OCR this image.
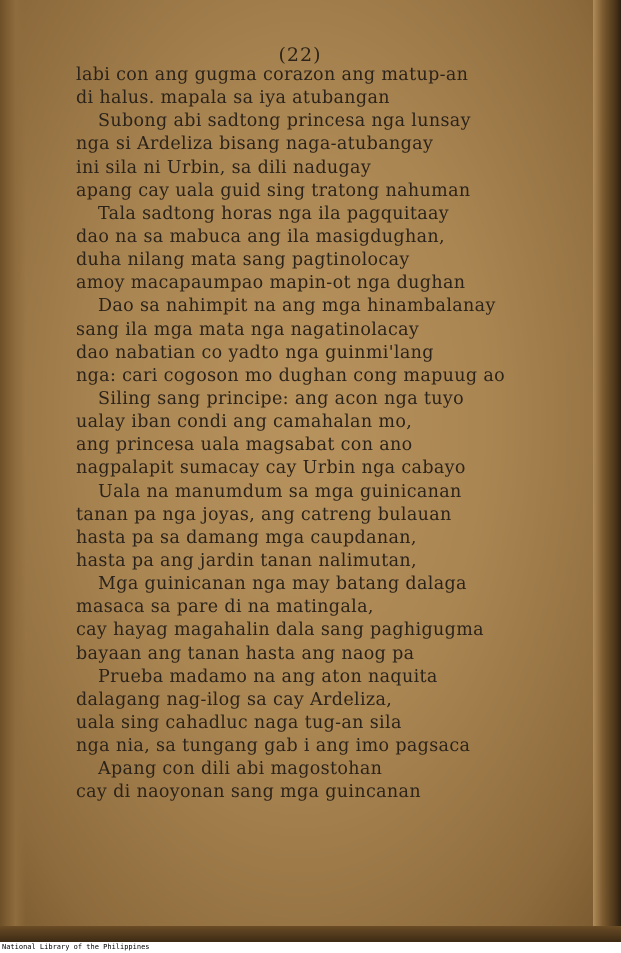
(22)
labi con ang gugma corazon ang matup-an
di halus. mapala sa iya atubangan
Subong abi sadtong princesa nga lunsay
nga si Ardeliza bisang naga-atubangay
ini sila ni Urbin, sa dili nadugay
apang cay uala guid sing tratong nahuman
Tala sadtong horas nga ila pagquitaay
dao na sa mabuca ang ila masigdughan,
duha nilang mata sang pagtinolocay
amoy macapaumpao mapin-ot nga dughan
Dao sa nahimpit na ang mga hinambalanay
sang ila mga mata nga nagatinolacay
dao nabatian co yadto nga guinmi'lang
nga: cari cogoson mo dughan cong mapuug ao
Siling sang principe: ang acon nga tuyo
ualay iban condi ang camahalan mo,
ang princesa uala magsabat con ano
nagpalapit sumacay cay Urbin nga cabayo
Uala na manumdum sa mga guinicanan
tanan pa nga joyas, ang catreng bulauan
hasta pa sa damang mga caupdanan,
hasta pa ang jardin tanan nalimutan,
Mga guinicanan nga may batang dalaga
masaca sa pare di na matingala,
cay hayag magahalin dala sang paghigugma
bayaan ang tanan hasta ang naog pa
Prueba madamo na ang aton naquita
dalagang nag-ilog sa cay Ardeliza,
uala sing cahadluc naga tug-an sila
nga nia, sa tungang gab i ang imo pagsaca
Apang con dili abi magostohan
cay di naoyonan sang mga guincanan
National Library of the Philippines
